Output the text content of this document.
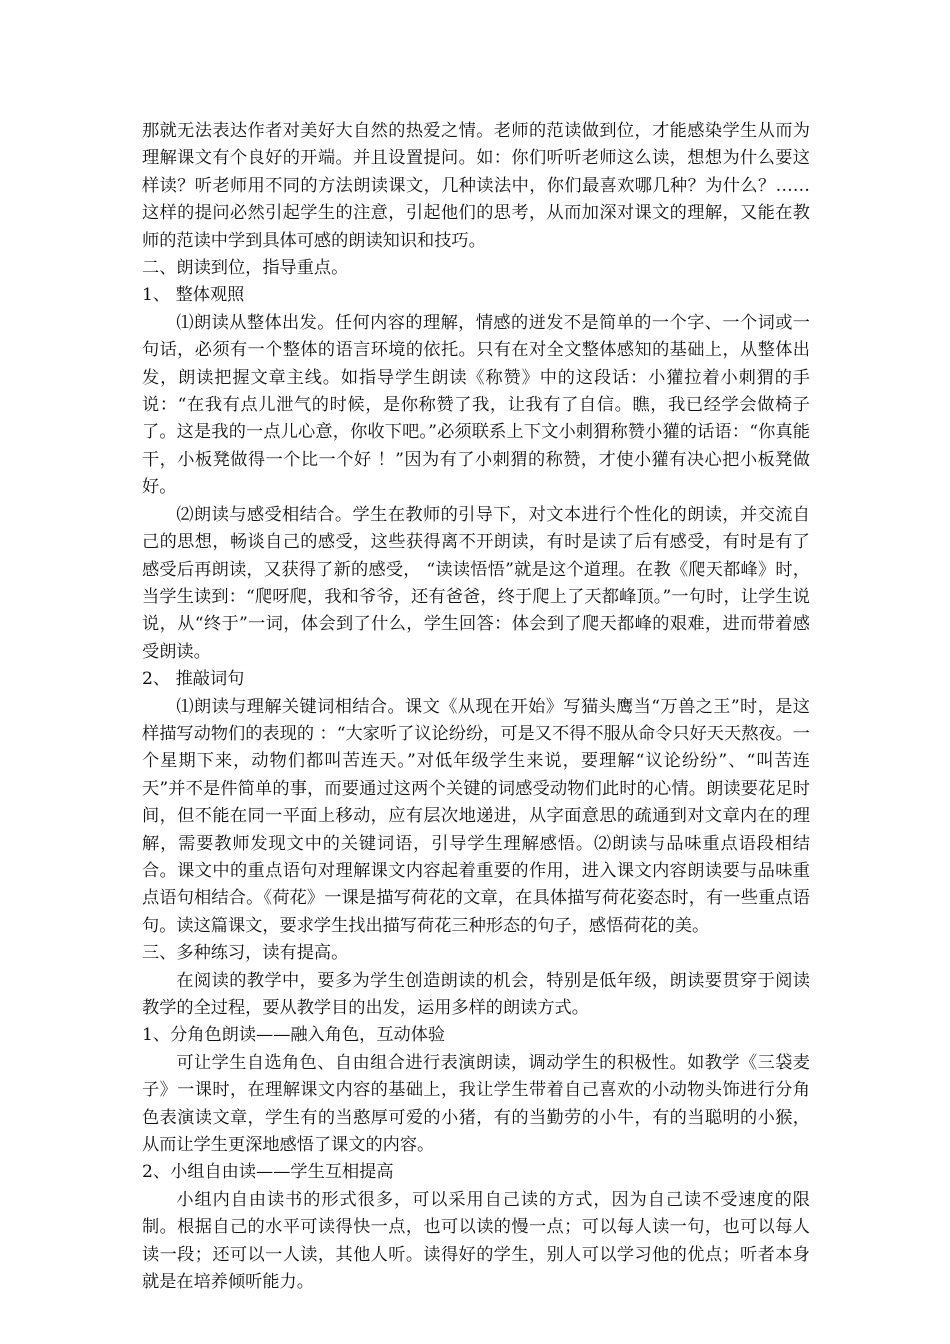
那就无法表达作者对美好大自然的热爱之情。老师的范读做到位，才能感染学生从而为理解课文有个良好的开端。并且设置提问。如：你们听听老师这么读，想想为什么要这样读？听老师用不同的方法朗读课文，几种读法中，你们最喜欢哪几种？为什么？……这样的提问必然引起学生的注意，引起他们的思考，从而加深对课文的理解，又能在教师的范读中学到具体可感的朗读知识和技巧。

二、朗读到位，指导重点。

1、 整体观照

⑴朗读从整体出发。任何内容的理解，情感的迸发不是简单的一个字、一个词或一句话，必须有一个整体的语言环境的依托。只有在对全文整体感知的基础上，从整体出发，朗读把握文章主线。如指导学生朗读《称赞》中的这段话：小獾拉着小刺猬的手说：“在我有点儿泄气的时候，是你称赞了我，让我有了自信。瞧，我已经学会做椅子了。这是我的一点儿心意，你收下吧。”必须联系上下文小刺猬称赞小獾的话语：“你真能干，小板凳做得一个比一个好 ！”因为有了小刺猬的称赞，才使小獾有决心把小板凳做好。

⑵朗读与感受相结合。学生在教师的引导下，对文本进行个性化的朗读，并交流自己的思想，畅谈自己的感受，这些获得离不开朗读，有时是读了后有感受，有时是有了感受后再朗读，又获得了新的感受， “读读悟悟”就是这个道理。在教《爬天都峰》时，当学生读到：“爬呀爬，我和爷爷，还有爸爸，终于爬上了天都峰顶。”一句时，让学生说说，从“终于”一词，体会到了什么，学生回答：体会到了爬天都峰的艰难，进而带着感受朗读。

2、 推敲词句

⑴朗读与理解关键词相结合。课文《从现在开始》写猫头鹰当“万兽之王”时，是这样描写动物们的表现的 ：“大家听了议论纷纷，可是又不得不服从命令只好天天熬夜。一个星期下来，动物们都叫苦连天。”对低年级学生来说，要理解“议论纷纷”、“叫苦连天”并不是件简单的事，而要通过这两个关键的词感受动物们此时的心情。朗读要花足时间，但不能在同一平面上移动，应有层次地递进，从字面意思的疏通到对文章内在的理解，需要教师发现文中的关键词语，引导学生理解感悟。⑵朗读与品味重点语段相结合。课文中的重点语句对理解课文内容起着重要的作用，进入课文内容朗读要与品味重点语句相结合。《荷花》一课是描写荷花的文章，在具体描写荷花姿态时，有一些重点语句。读这篇课文，要求学生找出描写荷花三种形态的句子，感悟荷花的美。

三、多种练习，读有提高。

在阅读的教学中，要多为学生创造朗读的机会，特别是低年级，朗读要贯穿于阅读教学的全过程，要从教学目的出发，运用多样的朗读方式。

1、分角色朗读——融入角色，互动体验

可让学生自选角色、自由组合进行表演朗读，调动学生的积极性。如教学《三袋麦子》一课时，在理解课文内容的基础上，我让学生带着自己喜欢的小动物头饰进行分角色表演读文章，学生有的当憨厚可爱的小猪，有的当勤劳的小牛，有的当聪明的小猴，从而让学生更深地感悟了课文的内容。

2、小组自由读——学生互相提高

小组内自由读书的形式很多，可以采用自己读的方式，因为自己读不受速度的限制。根据自己的水平可读得快一点，也可以读的慢一点；可以每人读一句，也可以每人读一段；还可以一人读，其他人听。读得好的学生，别人可以学习他的优点；听者本身就是在培养倾听能力。
